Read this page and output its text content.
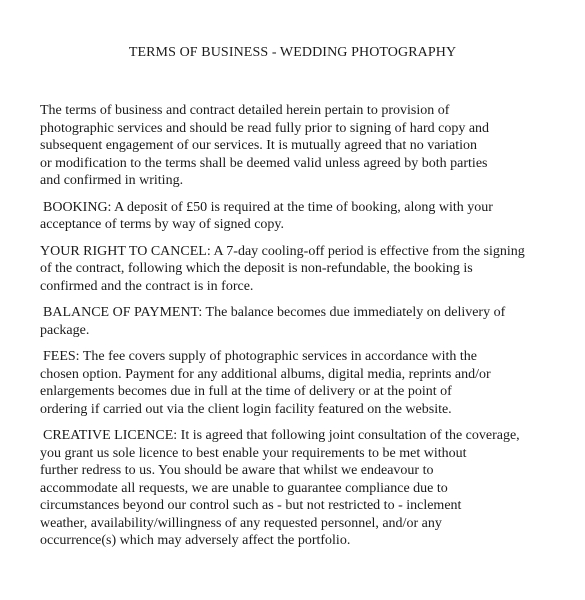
TERMS OF BUSINESS - WEDDING PHOTOGRAPHY

The terms of business and contract detailed herein pertain to provision of
photographic services and should be read fully prior to signing of hard copy and
subsequent engagement of our services. It is mutually agreed that no variation
or modification to the terms shall be deemed valid unless agreed by both parties
and confirmed in writing.

BOOKING: A deposit of £50 is required at the time of booking, along with your
acceptance of terms by way of signed copy.

YOUR RIGHT TO CANCEL: A 7-day cooling-off period is effective from the signing
of the contract, following which the deposit is non-refundable, the booking is
confirmed and the contract is in force.

BALANCE OF PAYMENT: The balance becomes due immediately on delivery of
package.

FEES: The fee covers supply of photographic services in accordance with the
chosen option. Payment for any additional albums, digital media, reprints and/or
enlargements becomes due in full at the time of delivery or at the point of
ordering if carried out via the client login facility featured on the website.

CREATIVE LICENCE: It is agreed that following joint consultation of the coverage,
you grant us sole licence to best enable your requirements to be met without
further redress to us. You should be aware that whilst we endeavour to
accommodate all requests, we are unable to guarantee compliance due to
circumstances beyond our control such as - but not restricted to - inclement
weather, availability/willingness of any requested personnel, and/or any
occurrence(s) which may adversely affect the portfolio.
